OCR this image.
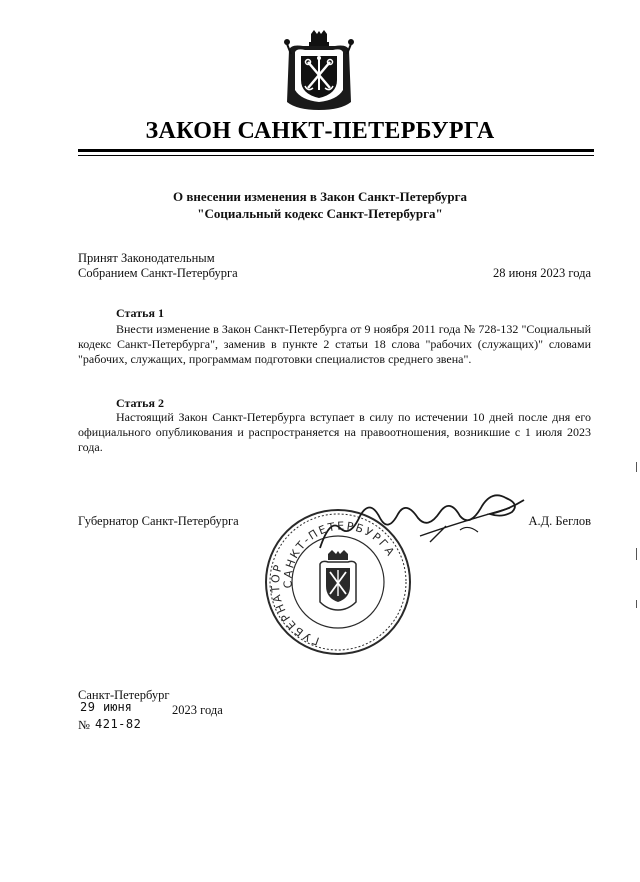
ЗАКОН САНКТ-ПЕТЕРБУРГА
О внесении изменения в Закон Санкт-Петербурга
"Социальный кодекс Санкт-Петербурга"
Принят Законодательным
Собранием Санкт-Петербурга	28 июня 2023 года
Статья 1
Внести изменение в Закон Санкт-Петербурга от 9 ноября 2011 года № 728-132 "Социальный кодекс Санкт-Петербурга", заменив в пункте 2 статьи 18 слова "рабочих (служащих)" словами "рабочих, служащих, программам подготовки специалистов среднего звена".
Статья 2
Настоящий Закон Санкт-Петербурга вступает в силу по истечении 10 дней после дня его официального опубликования и распространяется на правоотношения, возникшие с 1 июля 2023 года.
САНКТ-ПЕТЕРБУРГА
ГУБЕРНАТОР
Губернатор Санкт-Петербурга	А.Д. Беглов
Санкт-Петербург
29 июня	2023 года
№ 421-82
